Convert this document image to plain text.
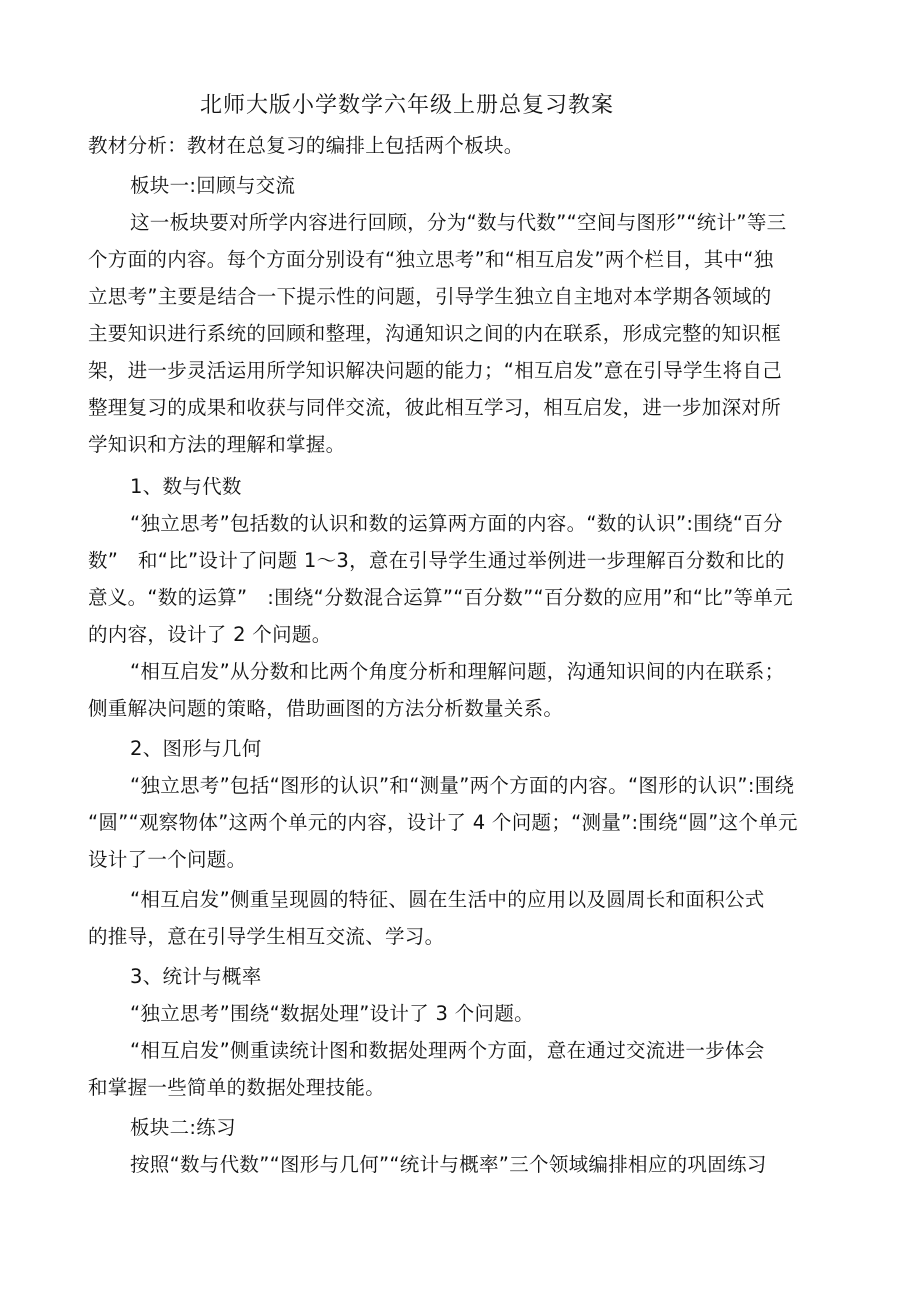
北师大版小学数学六年级上册总复习教案
教材分析：教材在总复习的编排上包括两个板块。
板块一:回顾与交流
这一板块要对所学内容进行回顾，分为“数与代数”“空间与图形”“统计”等三
个方面的内容。每个方面分别设有“独立思考”和“相互启发”两个栏目，其中“独
立思考”主要是结合一下提示性的问题，引导学生独立自主地对本学期各领域的
主要知识进行系统的回顾和整理，沟通知识之间的内在联系，形成完整的知识框
架，进一步灵活运用所学知识解决问题的能力；“相互启发”意在引导学生将自己
整理复习的成果和收获与同伴交流，彼此相互学习，相互启发，进一步加深对所
学知识和方法的理解和掌握。
1、数与代数
“独立思考”包括数的认识和数的运算两方面的内容。“数的认识”:围绕“百分
数”　和“比”设计了问题 1～3，意在引导学生通过举例进一步理解百分数和比的
意义。“数的运算”　:围绕“分数混合运算”“百分数”“百分数的应用”和“比”等单元
的内容，设计了 2 个问题。
“相互启发”从分数和比两个角度分析和理解问题，沟通知识间的内在联系；
侧重解决问题的策略，借助画图的方法分析数量关系。
2、图形与几何
“独立思考”包括“图形的认识”和“测量”两个方面的内容。“图形的认识”:围绕
“圆”“观察物体”这两个单元的内容，设计了 4 个问题；“测量”:围绕“圆”这个单元
设计了一个问题。
“相互启发”侧重呈现圆的特征、圆在生活中的应用以及圆周长和面积公式
的推导，意在引导学生相互交流、学习。
3、统计与概率
“独立思考”围绕“数据处理”设计了 3 个问题。
“相互启发”侧重读统计图和数据处理两个方面，意在通过交流进一步体会
和掌握一些简单的数据处理技能。
板块二:练习
按照“数与代数”“图形与几何”“统计与概率”三个领域编排相应的巩固练习
